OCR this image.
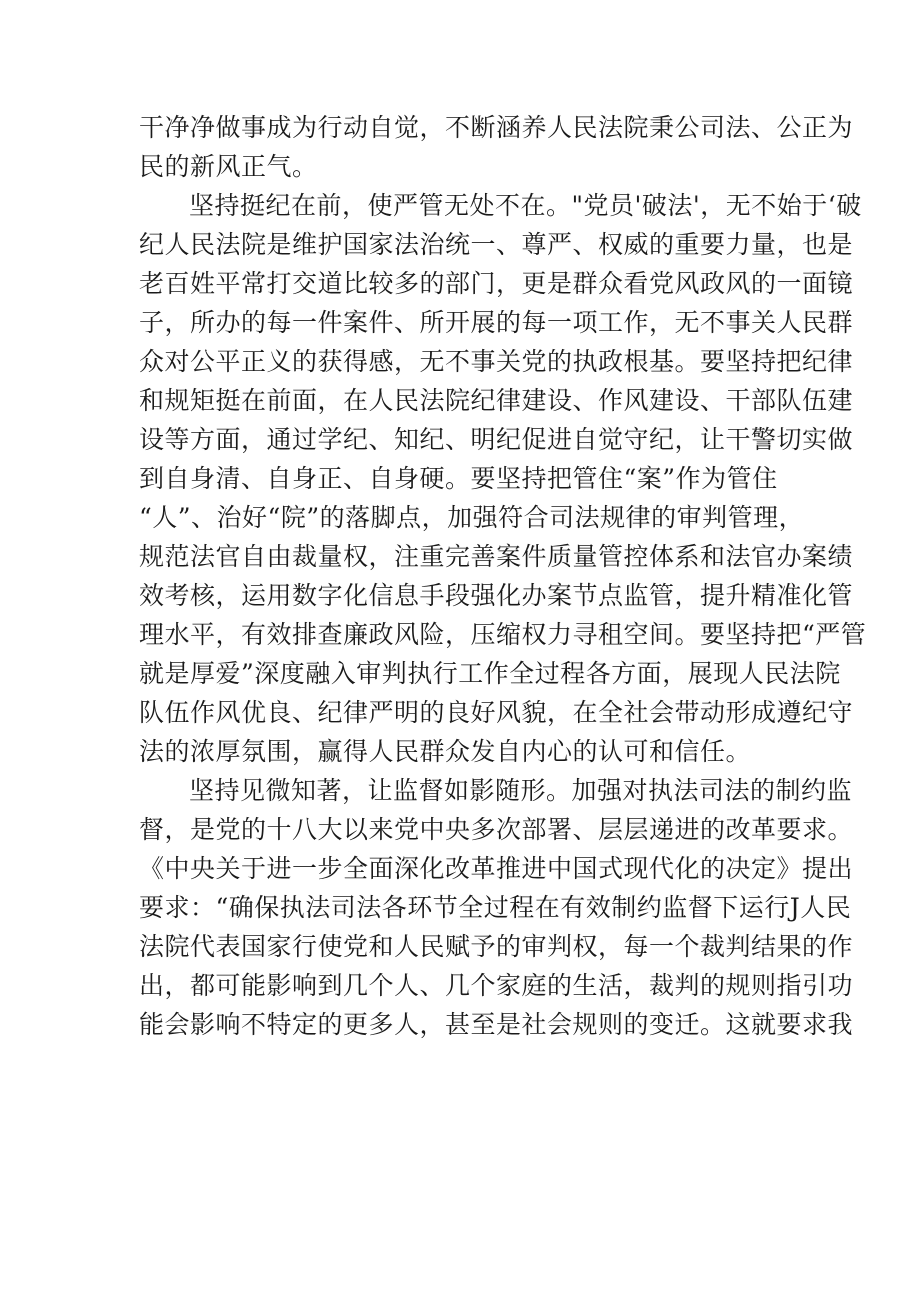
干净净做事成为行动自觉，不断涵养人民法院秉公司法、公正为
民的新风正气。
坚持挺纪在前，使严管无处不在。"党员'破法'，无不始于‘破
纪人民法院是维护国家法治统一、尊严、权威的重要力量，也是
老百姓平常打交道比较多的部门，更是群众看党风政风的一面镜
子，所办的每一件案件、所开展的每一项工作，无不事关人民群
众对公平正义的获得感，无不事关党的执政根基。要坚持把纪律
和规矩挺在前面，在人民法院纪律建设、作风建设、干部队伍建
设等方面，通过学纪、知纪、明纪促进自觉守纪，让干警切实做
到自身清、自身正、自身硬。要坚持把管住“案”作为管住
“人”、治好“院”的落脚点，加强符合司法规律的审判管理，
规范法官自由裁量权，注重完善案件质量管控体系和法官办案绩
效考核，运用数字化信息手段强化办案节点监管，提升精准化管
理水平，有效排查廉政风险，压缩权力寻租空间。要坚持把“严管
就是厚爱”深度融入审判执行工作全过程各方面，展现人民法院
队伍作风优良、纪律严明的良好风貌，在全社会带动形成遵纪守
法的浓厚氛围，赢得人民群众发自内心的认可和信任。
坚持见微知著，让监督如影随形。加强对执法司法的制约监
督，是党的十八大以来党中央多次部署、层层递进的改革要求。
《中央关于进一步全面深化改革推进中国式现代化的决定》提出
要求：“确保执法司法各环节全过程在有效制约监督下运行J人民
法院代表国家行使党和人民赋予的审判权，每一个裁判结果的作
出，都可能影响到几个人、几个家庭的生活，裁判的规则指引功
能会影响不特定的更多人，甚至是社会规则的变迁。这就要求我
